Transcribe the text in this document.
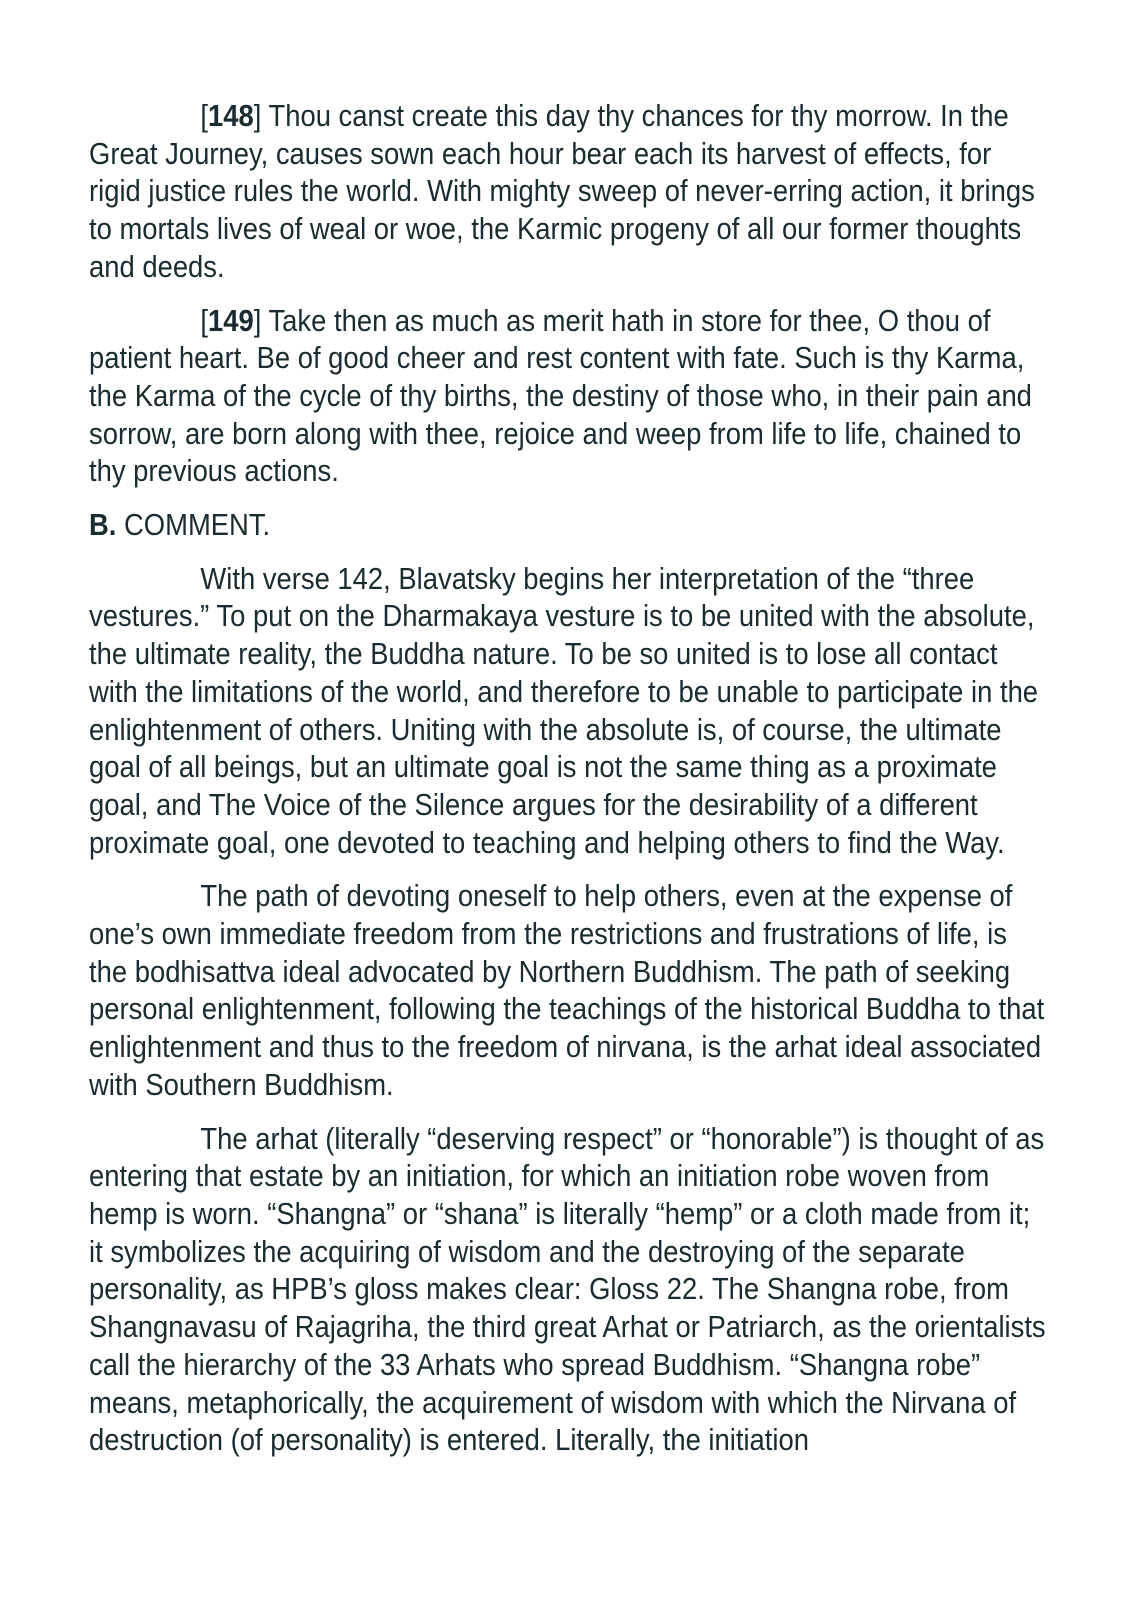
[148] Thou canst create this day thy chances for thy morrow. In the Great Journey, causes sown each hour bear each its harvest of effects, for rigid justice rules the world. With mighty sweep of never-erring action, it brings to mortals lives of weal or woe, the Karmic progeny of all our former thoughts and deeds.

[149] Take then as much as merit hath in store for thee, O thou of patient heart. Be of good cheer and rest content with fate. Such is thy Karma, the Karma of the cycle of thy births, the destiny of those who, in their pain and sorrow, are born along with thee, rejoice and weep from life to life, chained to thy previous actions.

B. COMMENT.

With verse 142, Blavatsky begins her interpretation of the “three vestures.” To put on the Dharmakaya vesture is to be united with the absolute, the ultimate reality, the Buddha nature. To be so united is to lose all contact with the limitations of the world, and therefore to be unable to participate in the enlightenment of others. Uniting with the absolute is, of course, the ultimate goal of all beings, but an ultimate goal is not the same thing as a proximate goal, and The Voice of the Silence argues for the desirability of a different proximate goal, one devoted to teaching and helping others to find the Way.

The path of devoting oneself to help others, even at the expense of one’s own immediate freedom from the restrictions and frustrations of life, is the bodhisattva ideal advocated by Northern Buddhism. The path of seeking personal enlightenment, following the teachings of the historical Buddha to that enlightenment and thus to the freedom of nirvana, is the arhat ideal associated with Southern Buddhism.

The arhat (literally “deserving respect” or “honorable”) is thought of as entering that estate by an initiation, for which an initiation robe woven from hemp is worn. “Shangna” or “shana” is literally “hemp” or a cloth made from it; it symbolizes the acquiring of wisdom and the destroying of the separate personality, as HPB’s gloss makes clear: Gloss 22. The Shangna robe, from Shangnavasu of Rajagriha, the third great Arhat or Patriarch, as the orientalists call the hierarchy of the 33 Arhats who spread Buddhism. “Shangna robe” means, metaphorically, the acquirement of wisdom with which the Nirvana of destruction (of personality) is entered. Literally, the initiation
